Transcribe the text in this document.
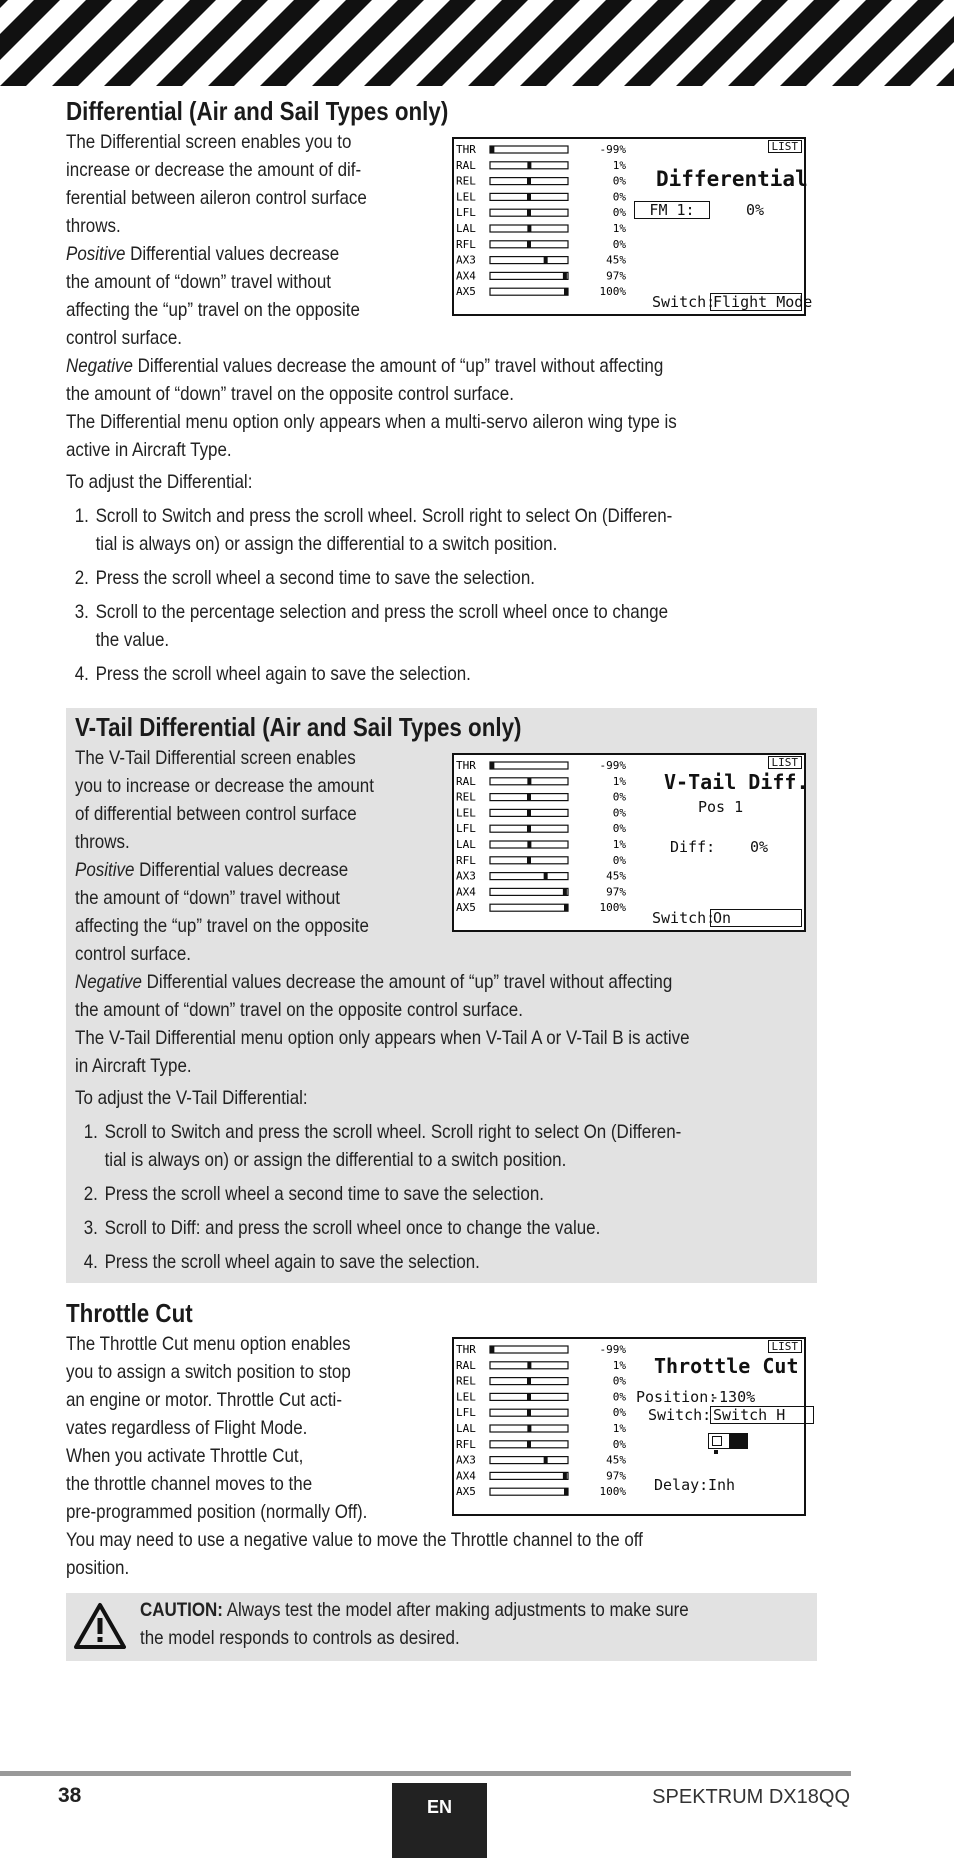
Differential (Air and Sail Types only)

The Differential screen enables you to

increase or decrease the amount of dif-

ferential between aileron control surface

throws.

Positive Differential values decrease

the amount of “down” travel without

affecting the “up” travel on the opposite

control surface.

Negative Differential values decrease the amount of “up” travel without affecting

the amount of “down” travel on the opposite control surface.

The Differential menu option only appears when a multi-servo aileron wing type is

active in Aircraft Type.

To adjust the Differential:

1. Scroll to Switch and press the scroll wheel. Scroll right to select On (Differen-
tial is always on) or assign the differential to a switch position.
2. Press the scroll wheel a second time to save the selection.
3. Scroll to the percentage selection and press the scroll wheel once to change
the value.
4. Press the scroll wheel again to save the selection.
THR	-99%
RAL	1%
REL	0%
LEL	0%
LFL	0%
LAL	1%
RFL	0%
AX3	45%
AX4	97%
AX5	100%
LIST
Differential
FM 1:	0%
Switch:
Flight Mode
V-Tail Differential (Air and Sail Types only)

The V-Tail Differential screen enables

you to increase or decrease the amount

of differential between control surface

throws.

Positive Differential values decrease

the amount of “down” travel without

affecting the “up” travel on the opposite

control surface.

Negative Differential values decrease the amount of “up” travel without affecting

the amount of “down” travel on the opposite control surface.

The V-Tail Differential menu option only appears when V-Tail A or V-Tail B is active

in Aircraft Type.

To adjust the V-Tail Differential:

1. Scroll to Switch and press the scroll wheel. Scroll right to select On (Differen-
tial is always on) or assign the differential to a switch position.
2. Press the scroll wheel a second time to save the selection.
3. Scroll to Diff: and press the scroll wheel once to change the value.
4. Press the scroll wheel again to save the selection.
THR	-99%
RAL	1%
REL	0%
LEL	0%
LFL	0%
LAL	1%
RFL	0%
AX3	45%
AX4	97%
AX5	100%
LIST
V-Tail Diff.
Pos 1
Diff: 0%
Switch:
On
Throttle Cut

The Throttle Cut menu option enables

you to assign a switch position to stop

an engine or motor. Throttle Cut acti-

vates regardless of Flight Mode.

When you activate Throttle Cut,

the throttle channel moves to the

pre-programmed position (normally Off).

You may need to use a negative value to move the Throttle channel to the off

position.

THR	-99%
RAL	1%
REL	0%
LEL	0%
LFL	0%
LAL	1%
RFL	0%
AX3	45%
AX4	97%
AX5	100%
LIST
Throttle Cut
Position:
-130%
Switch: Switch H
Delay: Inh

CAUTION: Always test the model after making adjustments to make sure

the model responds to controls as desired.

38	EN	SPEKTRUM DX18QQ
